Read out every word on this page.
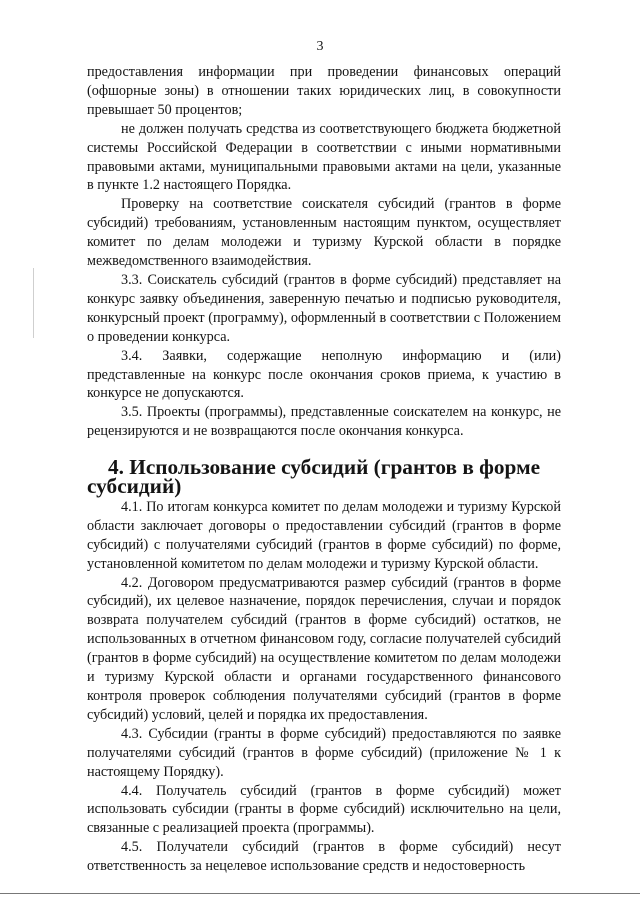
3

предоставления информации при проведении финансовых операций (офшорные зоны) в отношении таких юридических лиц, в совокупности превышает 50 процентов;

не должен получать средства из соответствующего бюджета бюджетной системы Российской Федерации в соответствии с иными нормативными правовыми актами, муниципальными правовыми актами на цели, указанные в пункте 1.2 настоящего Порядка.

Проверку на соответствие соискателя субсидий (грантов в форме субсидий) требованиям, установленным настоящим пунктом, осуществляет комитет по делам молодежи и туризму Курской области в порядке межведомственного взаимодействия.

3.3. Соискатель субсидий (грантов в форме субсидий) представляет на конкурс заявку объединения, заверенную печатью и подписью руководителя, конкурсный проект (программу), оформленный в соответствии с Положением о проведении конкурса.

3.4. Заявки, содержащие неполную информацию и (или) представленные на конкурс после окончания сроков приема, к участию в конкурсе не допускаются.

3.5. Проекты (программы), представленные соискателем на конкурс, не рецензируются и не возвращаются после окончания конкурса.

4. Использование субсидий (грантов в форме субсидий)

4.1. По итогам конкурса комитет по делам молодежи и туризму Курской области заключает договоры о предоставлении субсидий (грантов в форме субсидий) с получателями субсидий (грантов в форме субсидий) по форме, установленной комитетом по делам молодежи и туризму Курской области.

4.2. Договором предусматриваются размер субсидий (грантов в форме субсидий), их целевое назначение, порядок перечисления, случаи и порядок возврата получателем субсидий (грантов в форме субсидий) остатков, не использованных в отчетном финансовом году, согласие получателей субсидий (грантов в форме субсидий) на осуществление комитетом по делам молодежи и туризму Курской области и органами государственного финансового контроля проверок соблюдения получателями субсидий (грантов в форме субсидий) условий, целей и порядка их предоставления.

4.3. Субсидии (гранты в форме субсидий) предоставляются по заявке получателями субсидий (грантов в форме субсидий) (приложение № 1 к настоящему Порядку).

4.4. Получатель субсидий (грантов в форме субсидий) может использовать субсидии (гранты в форме субсидий) исключительно на цели, связанные с реализацией проекта (программы).

4.5. Получатели субсидий (грантов в форме субсидий) несут ответственность за нецелевое использование средств и недостоверность
